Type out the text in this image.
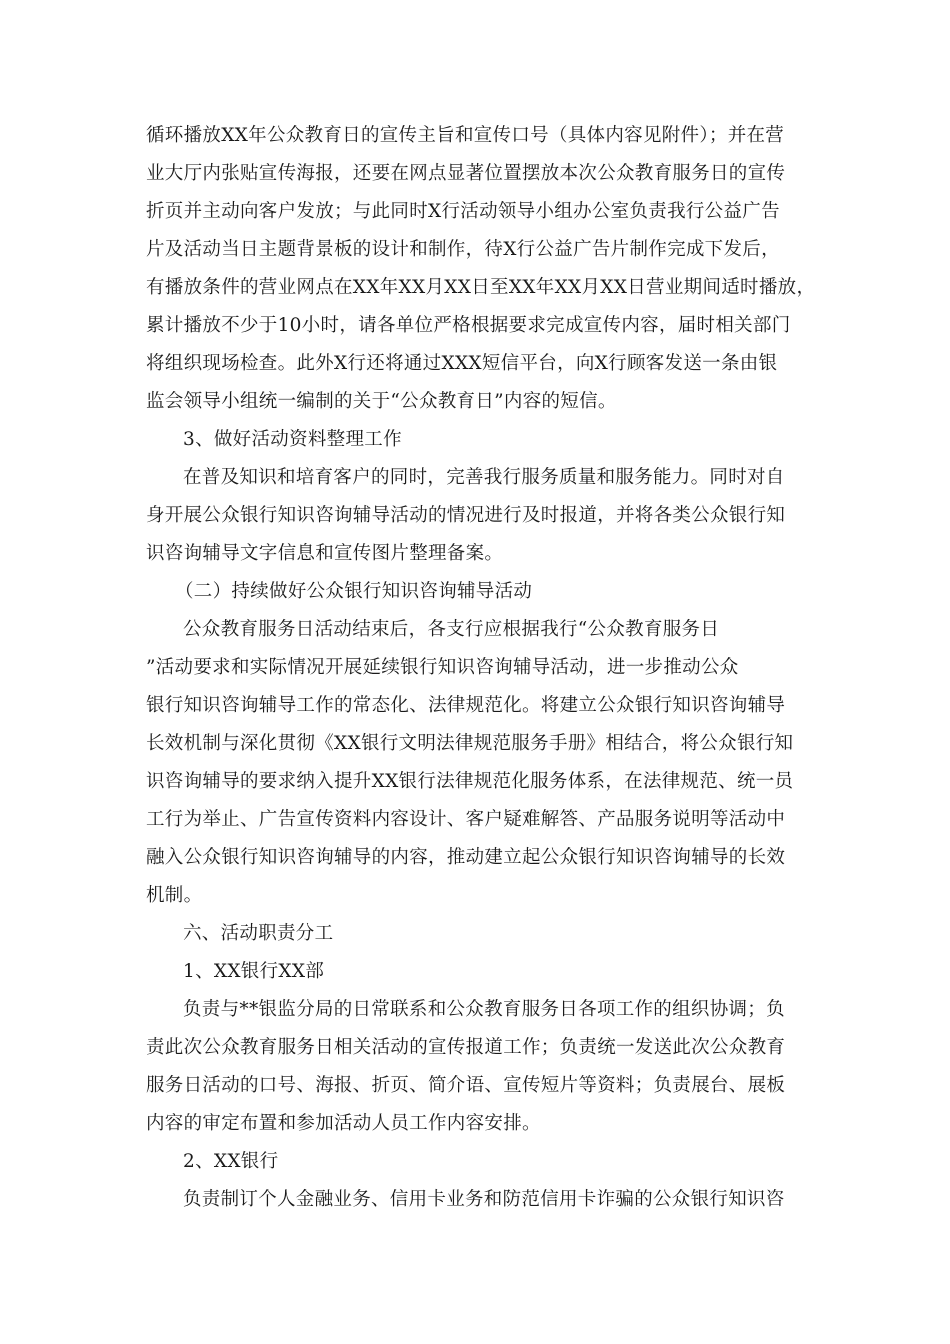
循环播放XX年公众教育日的宣传主旨和宣传口号（具体内容见附件）；并在营
业大厅内张贴宣传海报，还要在网点显著位置摆放本次公众教育服务日的宣传
折页并主动向客户发放；与此同时X行活动领导小组办公室负责我行公益广告
片及活动当日主题背景板的设计和制作，待X行公益广告片制作完成下发后，
有播放条件的营业网点在XX年XX月XX日至XX年XX月XX日营业期间适时播放，
累计播放不少于10小时，请各单位严格根据要求完成宣传内容，届时相关部门
将组织现场检查。此外X行还将通过XXX短信平台，向X行顾客发送一条由银
监会领导小组统一编制的关于“公众教育日”内容的短信。
3、做好活动资料整理工作
在普及知识和培育客户的同时，完善我行服务质量和服务能力。同时对自
身开展公众银行知识咨询辅导活动的情况进行及时报道，并将各类公众银行知
识咨询辅导文字信息和宣传图片整理备案。
（二）持续做好公众银行知识咨询辅导活动
公众教育服务日活动结束后，各支行应根据我行“公众教育服务日
”活动要求和实际情况开展延续银行知识咨询辅导活动，进一步推动公众
银行知识咨询辅导工作的常态化、法律规范化。将建立公众银行知识咨询辅导
长效机制与深化贯彻《XX银行文明法律规范服务手册》相结合，将公众银行知
识咨询辅导的要求纳入提升XX银行法律规范化服务体系，在法律规范、统一员
工行为举止、广告宣传资料内容设计、客户疑难解答、产品服务说明等活动中
融入公众银行知识咨询辅导的内容，推动建立起公众银行知识咨询辅导的长效
机制。
六、活动职责分工
1、XX银行XX部
负责与**银监分局的日常联系和公众教育服务日各项工作的组织协调；负
责此次公众教育服务日相关活动的宣传报道工作；负责统一发送此次公众教育
服务日活动的口号、海报、折页、简介语、宣传短片等资料；负责展台、展板
内容的审定布置和参加活动人员工作内容安排。
2、XX银行
负责制订个人金融业务、信用卡业务和防范信用卡诈骗的公众银行知识咨
